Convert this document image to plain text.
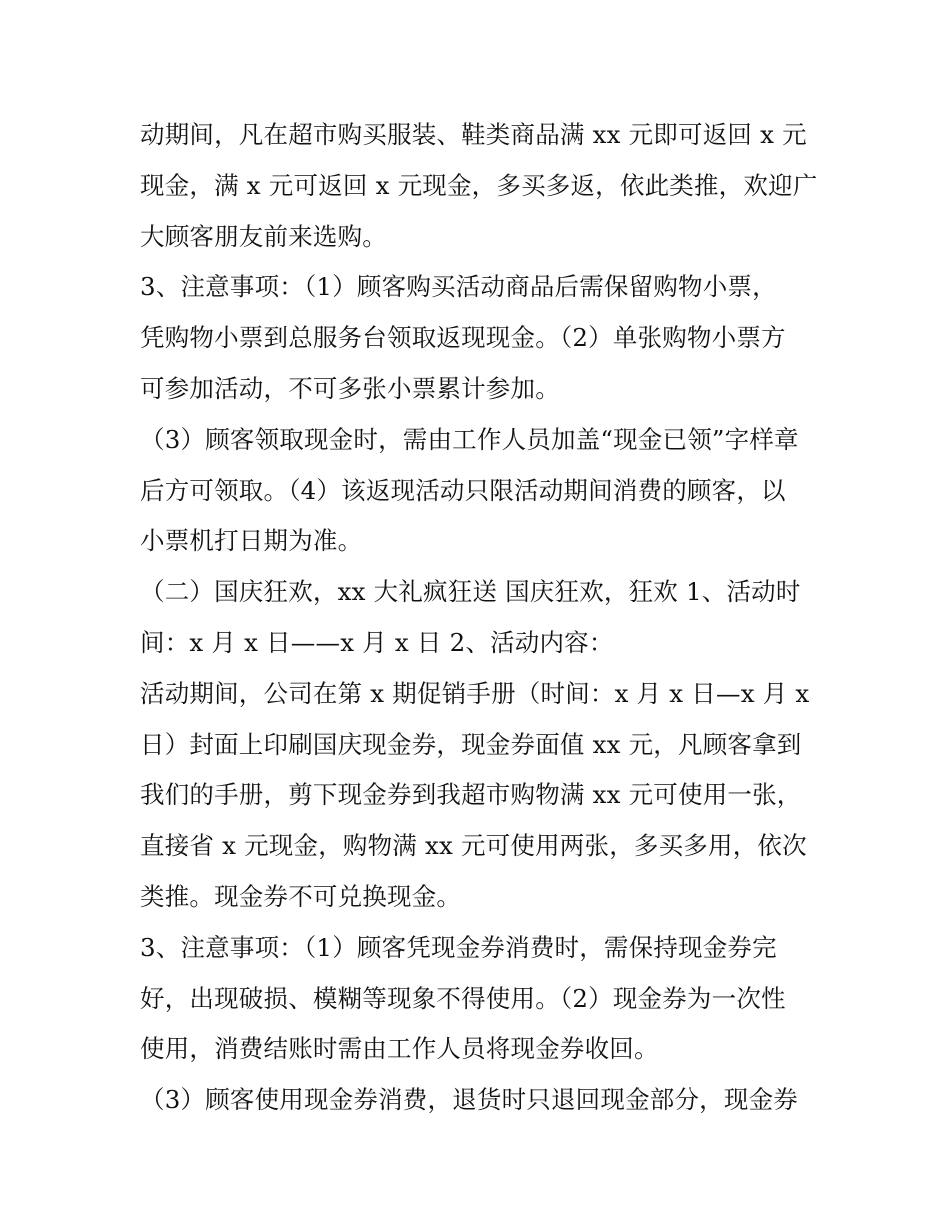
动期间，凡在超市购买服装、鞋类商品满 xx 元即可返回 x 元
现金，满 x 元可返回 x 元现金，多买多返，依此类推，欢迎广
大顾客朋友前来选购。
3、注意事项：（1）顾客购买活动商品后需保留购物小票，
凭购物小票到总服务台领取返现现金。（2）单张购物小票方
可参加活动，不可多张小票累计参加。
（3）顾客领取现金时，需由工作人员加盖“现金已领”字样章
后方可领取。（4）该返现活动只限活动期间消费的顾客，以
小票机打日期为准。
（二）国庆狂欢，xx 大礼疯狂送 国庆狂欢，狂欢 1、活动时
间：x 月 x 日——x 月 x 日 2、活动内容：
活动期间，公司在第 x 期促销手册（时间：x 月 x 日—x 月 x
日）封面上印刷国庆现金券，现金券面值 xx 元，凡顾客拿到
我们的手册，剪下现金券到我超市购物满 xx 元可使用一张，
直接省 x 元现金，购物满 xx 元可使用两张，多买多用，依次
类推。现金券不可兑换现金。
3、注意事项：（1）顾客凭现金券消费时，需保持现金券完
好，出现破损、模糊等现象不得使用。（2）现金券为一次性
使用，消费结账时需由工作人员将现金券收回。
（3）顾客使用现金券消费，退货时只退回现金部分，现金券
